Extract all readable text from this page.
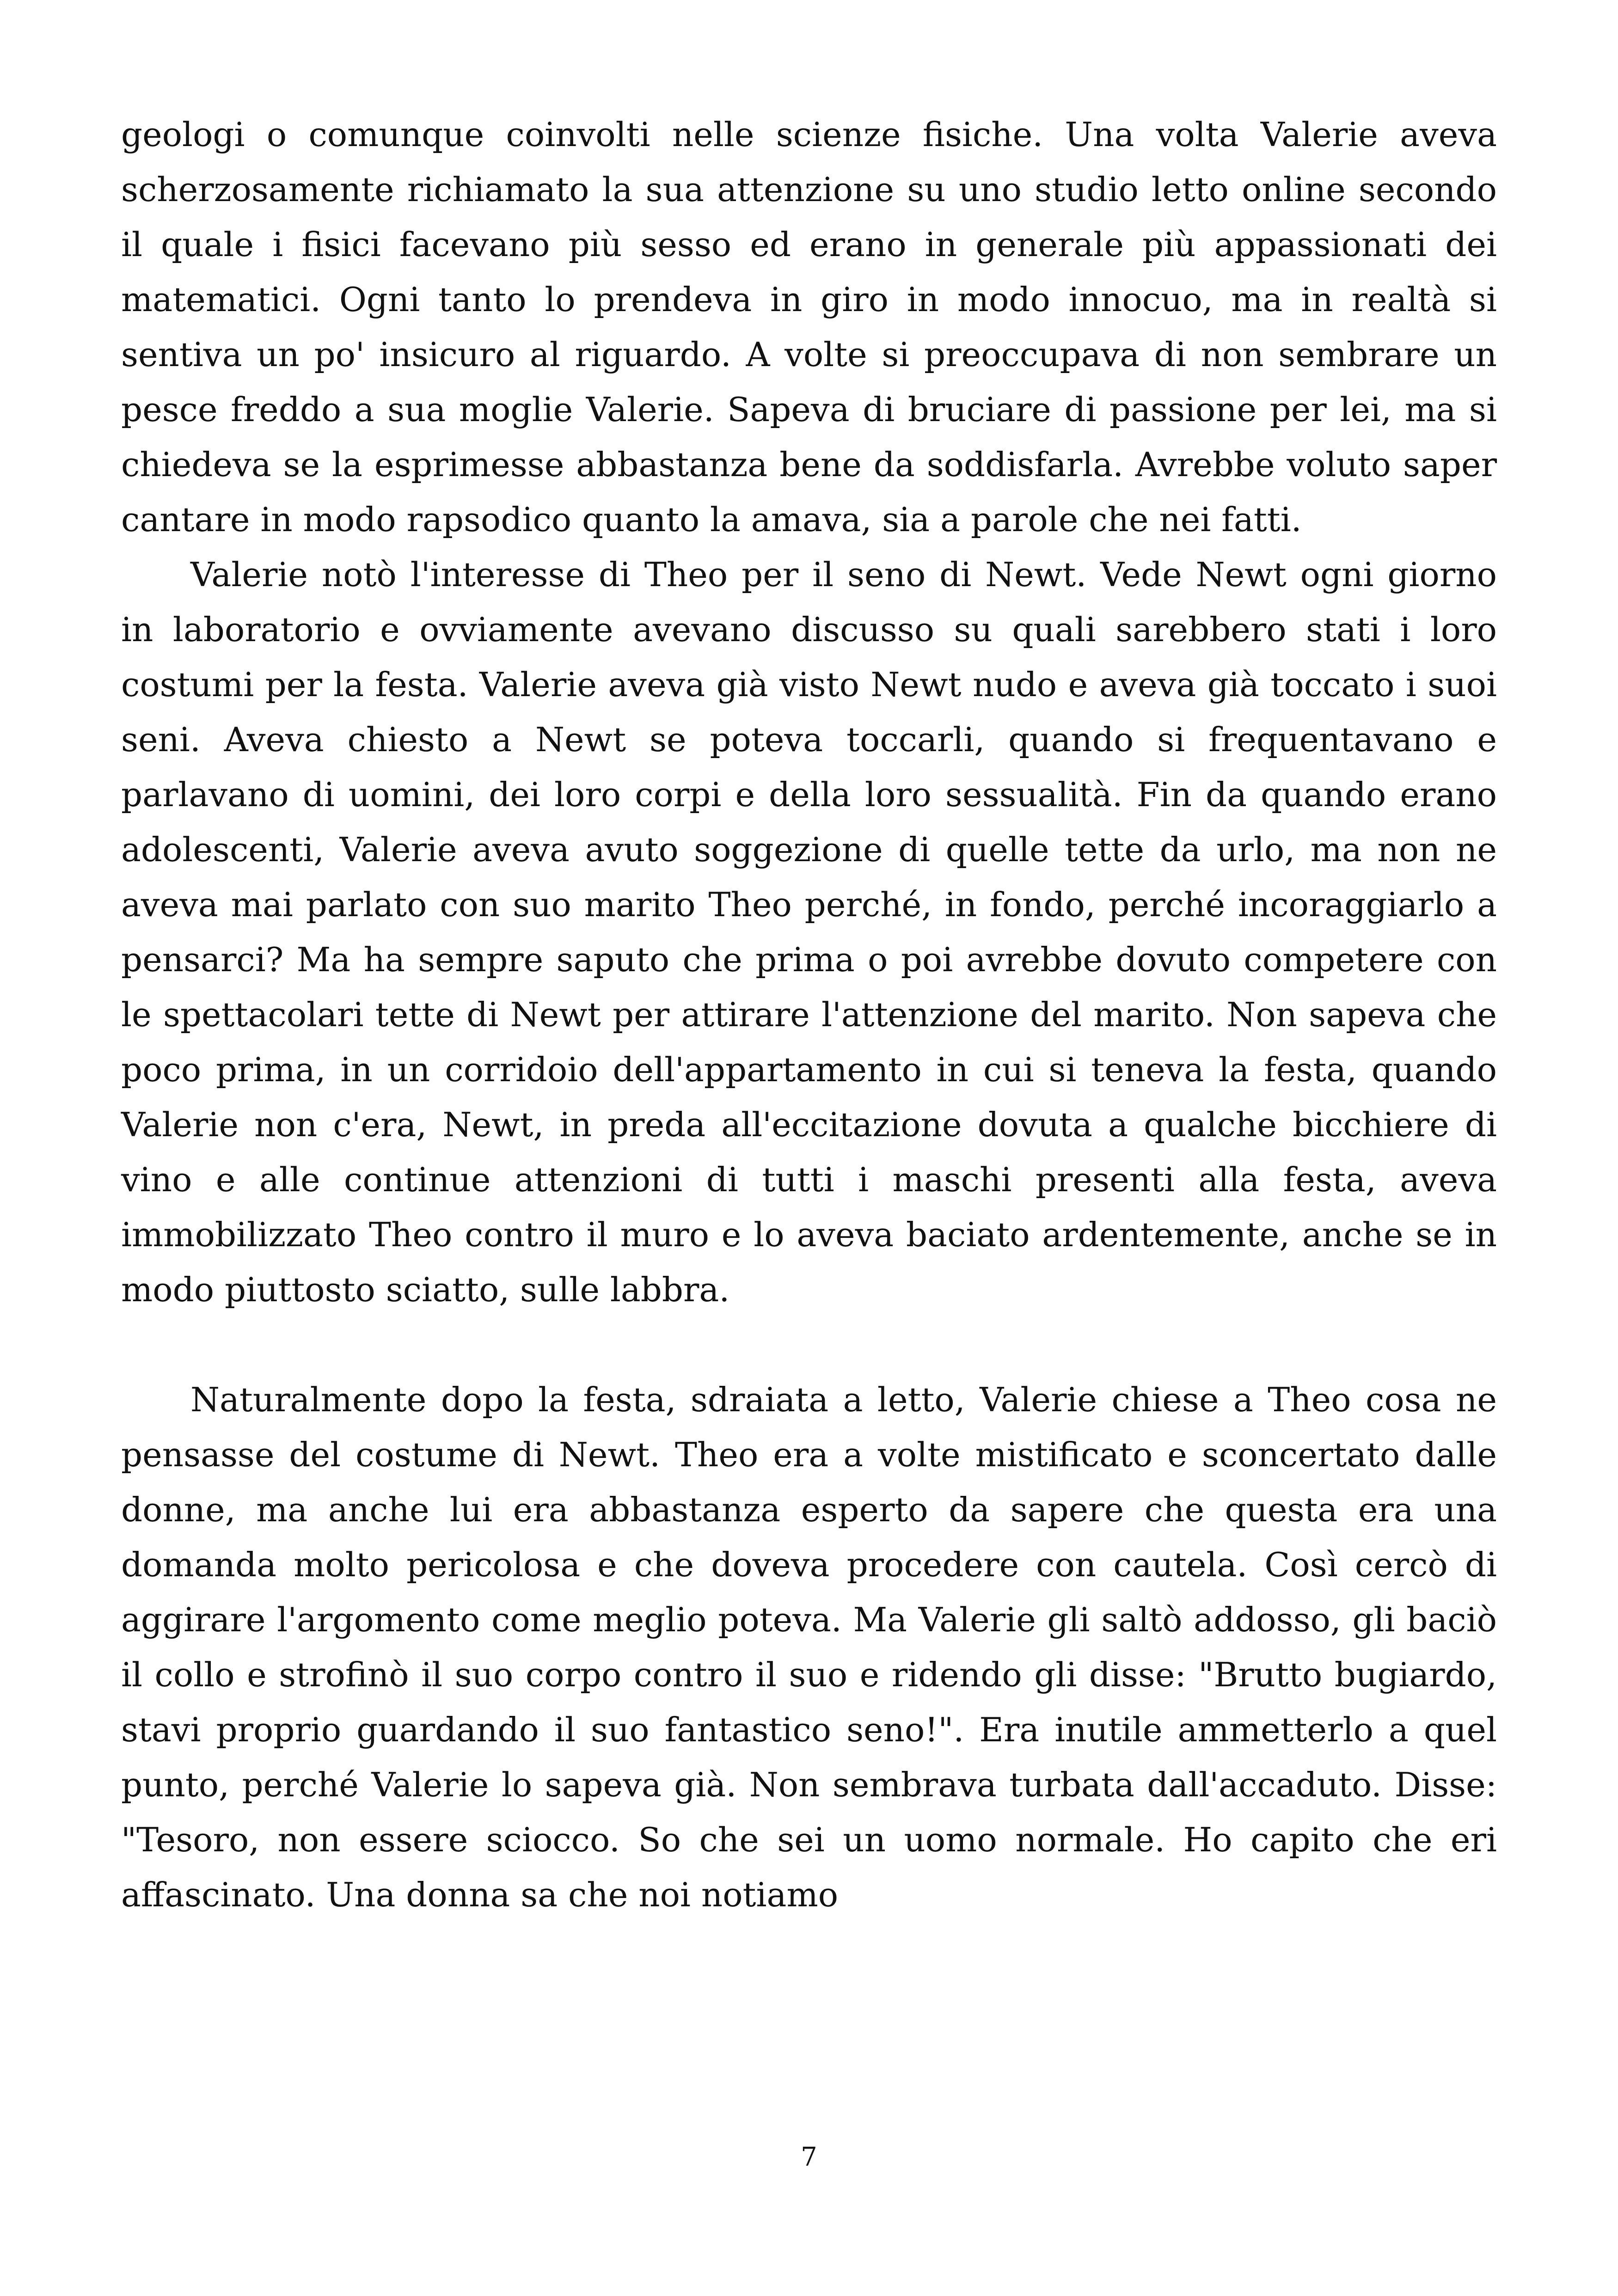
geologi o comunque coinvolti nelle scienze fisiche. Una volta Valerie aveva scherzosamente richiamato la sua attenzione su uno studio letto online secondo il quale i fisici facevano più sesso ed erano in generale più appassionati dei matematici. Ogni tanto lo prendeva in giro in modo innocuo, ma in realtà si sentiva un po' insicuro al riguardo. A volte si preoccupava di non sembrare un pesce freddo a sua moglie Valerie. Sapeva di bruciare di passione per lei, ma si chiedeva se la esprimesse abbastanza bene da soddisfarla. Avrebbe voluto saper cantare in modo rapsodico quanto la amava, sia a parole che nei fatti.

Valerie notò l'interesse di Theo per il seno di Newt. Vede Newt ogni giorno in laboratorio e ovviamente avevano discusso su quali sarebbero stati i loro costumi per la festa. Valerie aveva già visto Newt nudo e aveva già toccato i suoi seni. Aveva chiesto a Newt se poteva toccarli, quando si frequentavano e parlavano di uomini, dei loro corpi e della loro sessualità. Fin da quando erano adolescenti, Valerie aveva avuto soggezione di quelle tette da urlo, ma non ne aveva mai parlato con suo marito Theo perché, in fondo, perché incoraggiarlo a pensarci? Ma ha sempre saputo che prima o poi avrebbe dovuto competere con le spettacolari tette di Newt per attirare l'attenzione del marito. Non sapeva che poco prima, in un corridoio dell'appartamento in cui si teneva la festa, quando Valerie non c'era, Newt, in preda all'eccitazione dovuta a qualche bicchiere di vino e alle continue attenzioni di tutti i maschi presenti alla festa, aveva immobilizzato Theo contro il muro e lo aveva baciato ardentemente, anche se in modo piuttosto sciatto, sulle labbra.

Naturalmente dopo la festa, sdraiata a letto, Valerie chiese a Theo cosa ne pensasse del costume di Newt. Theo era a volte mistificato e sconcertato dalle donne, ma anche lui era abbastanza esperto da sapere che questa era una domanda molto pericolosa e che doveva procedere con cautela. Così cercò di aggirare l'argomento come meglio poteva. Ma Valerie gli saltò addosso, gli baciò il collo e strofinò il suo corpo contro il suo e ridendo gli disse: "Brutto bugiardo, stavi proprio guardando il suo fantastico seno!". Era inutile ammetterlo a quel punto, perché Valerie lo sapeva già. Non sembrava turbata dall'accaduto. Disse: "Tesoro, non essere sciocco. So che sei un uomo normale. Ho capito che eri affascinato. Una donna sa che noi notiamo

7
